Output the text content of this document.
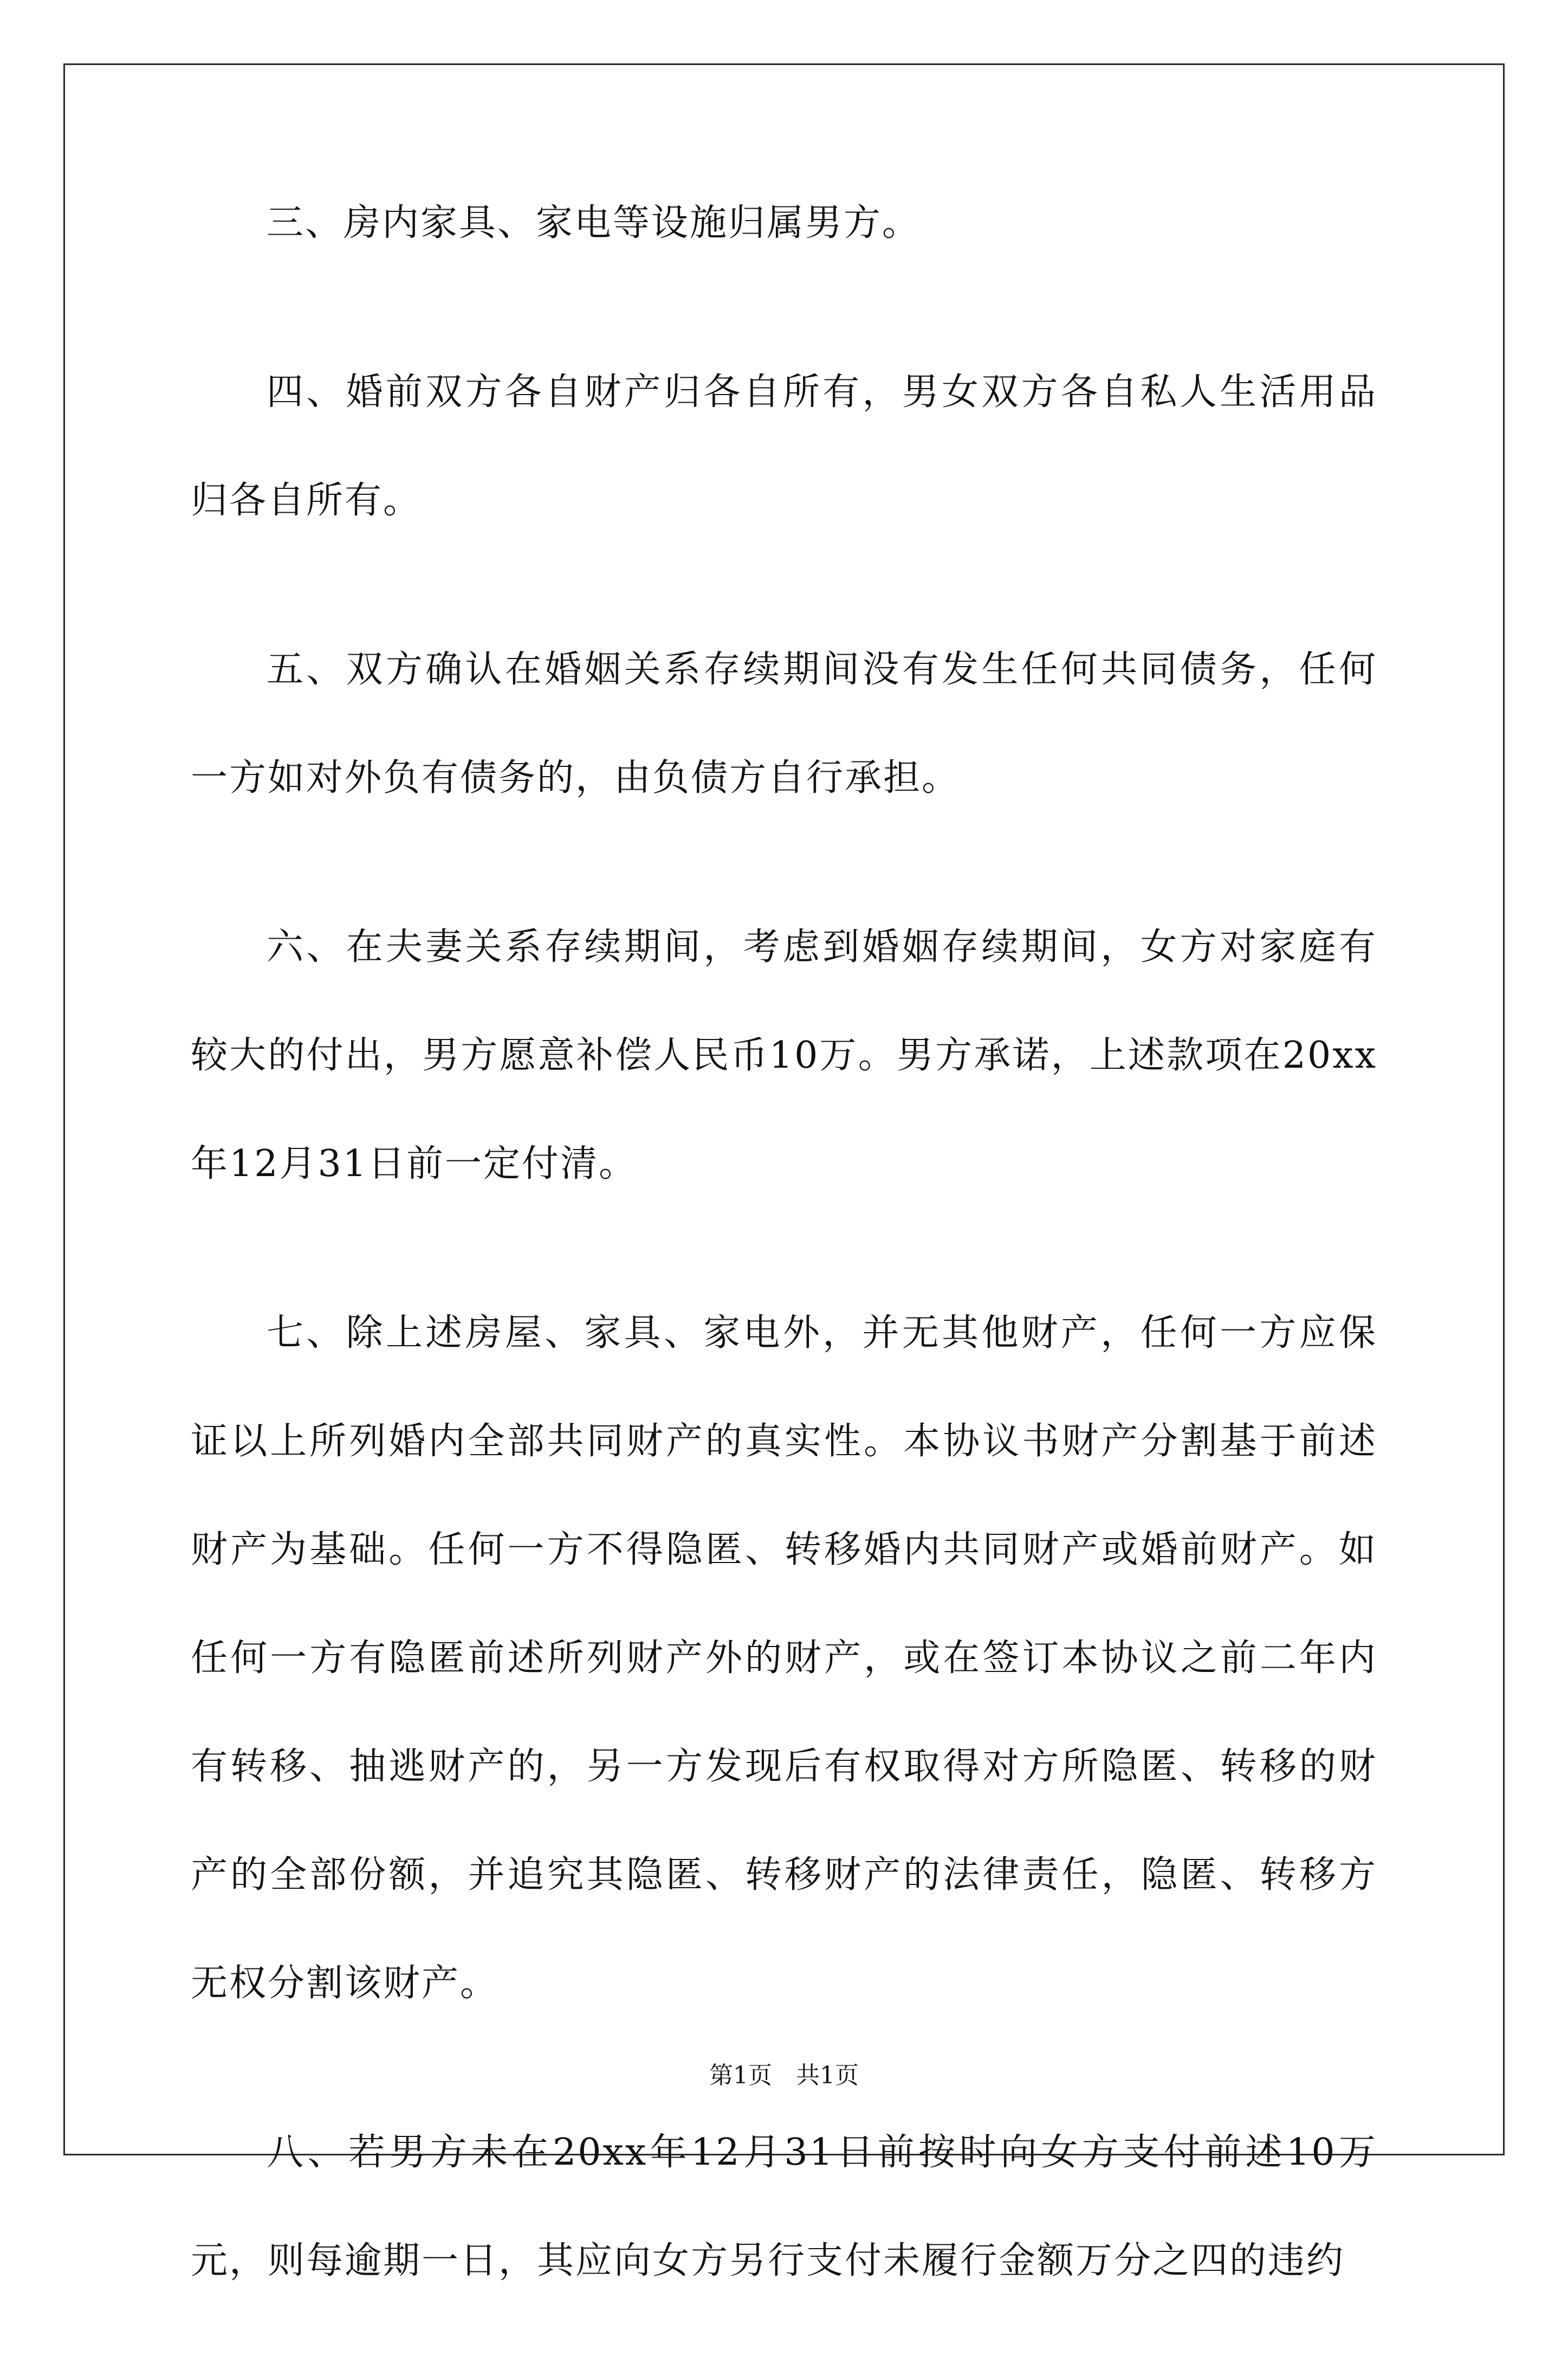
三、房内家具、家电等设施归属男方。

四、婚前双方各自财产归各自所有，男女双方各自私人生活用品归各自所有。

五、双方确认在婚姻关系存续期间没有发生任何共同债务，任何一方如对外负有债务的，由负债方自行承担。

六、在夫妻关系存续期间，考虑到婚姻存续期间，女方对家庭有较大的付出，男方愿意补偿人民币10万。男方承诺，上述款项在20xx年12月31日前一定付清。

七、除上述房屋、家具、家电外，并无其他财产，任何一方应保证以上所列婚内全部共同财产的真实性。本协议书财产分割基于前述财产为基础。任何一方不得隐匿、转移婚内共同财产或婚前财产。如任何一方有隐匿前述所列财产外的财产，或在签订本协议之前二年内有转移、抽逃财产的，另一方发现后有权取得对方所隐匿、转移的财产的全部份额，并追究其隐匿、转移财产的法律责任，隐匿、转移方无权分割该财产。

八、若男方未在20xx年12月31日前按时向女方支付前述10万元，则每逾期一日，其应向女方另行支付未履行金额万分之四的违约

第1页 共1页
